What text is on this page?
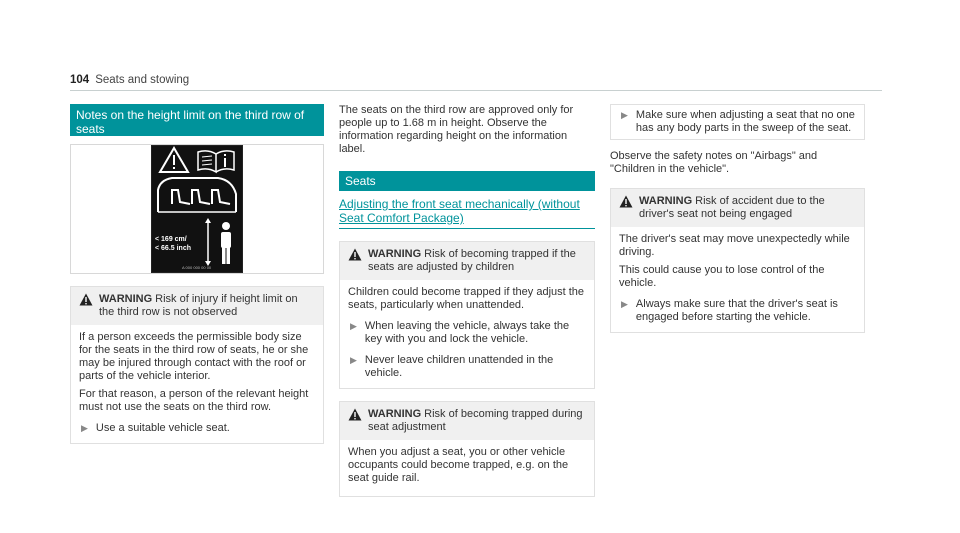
104 Seats and stowing
Notes on the height limit on the third row of seats
< 169 cm/
< 66.5 inch
A 000 000 00 00
WARNING Risk of injury if height limit on the third row is not observed

If a person exceeds the permissible body size for the seats in the third row of seats, he or she may be injured through contact with the roof or parts of the vehicle interior.

For that reason, a person of the relevant height must not use the seats on the third row.

▶ Use a suitable vehicle seat.

The seats on the third row are approved only for people up to 1.68 m in height. Observe the information regarding height on the information label.

Seats
Adjusting the front seat mechanically (without
Seat Comfort Package)
WARNING Risk of becoming trapped if the seats are adjusted by children

Children could become trapped if they adjust the seats, particularly when unattended.

▶ When leaving the vehicle, always take the key with you and lock the vehicle.
▶ Never leave children unattended in the vehicle.
WARNING Risk of becoming trapped during seat adjustment

When you adjust a seat, you or other vehicle occupants could become trapped, e.g. on the seat guide rail.

▶ Make sure when adjusting a seat that no one has any body parts in the sweep of the seat.

Observe the safety notes on "Airbags" and "Children in the vehicle".

WARNING Risk of accident due to the driver's seat not being engaged

The driver's seat may move unexpectedly while driving.

This could cause you to lose control of the vehicle.

▶ Always make sure that the driver's seat is engaged before starting the vehicle.
